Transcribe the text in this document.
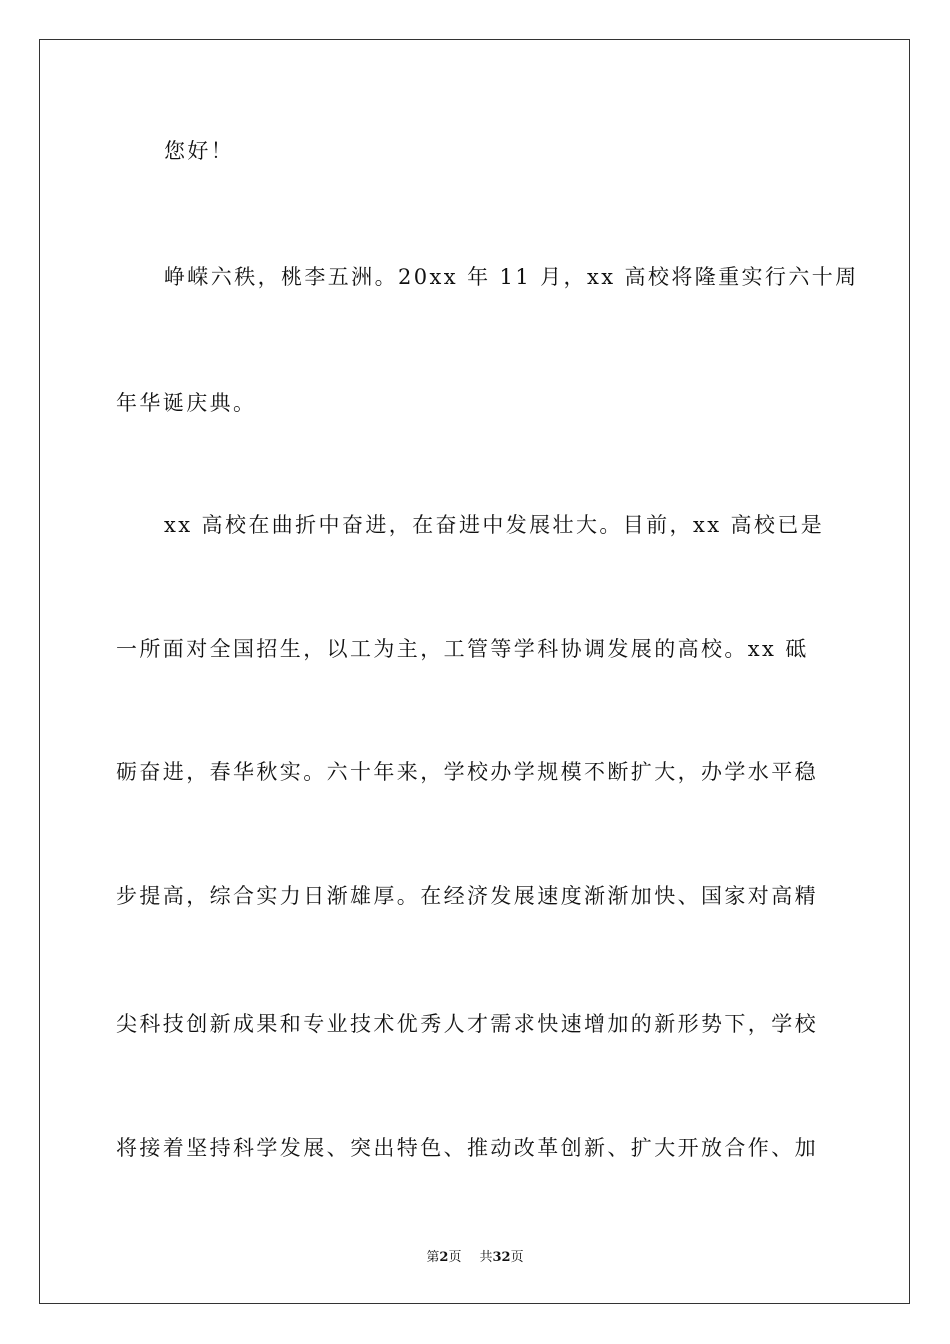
您好！
峥嵘六秩，桃李五洲。20xx 年 11 月，xx 高校将隆重实行六十周
年华诞庆典。
xx 高校在曲折中奋进，在奋进中发展壮大。目前，xx 高校已是
一所面对全国招生，以工为主，工管等学科协调发展的高校。xx 砥
砺奋进，春华秋实。六十年来，学校办学规模不断扩大，办学水平稳
步提高，综合实力日渐雄厚。在经济发展速度渐渐加快、国家对高精
尖科技创新成果和专业技术优秀人才需求快速增加的新形势下，学校
将接着坚持科学发展、突出特色、推动改革创新、扩大开放合作、加
第2页 共32页
